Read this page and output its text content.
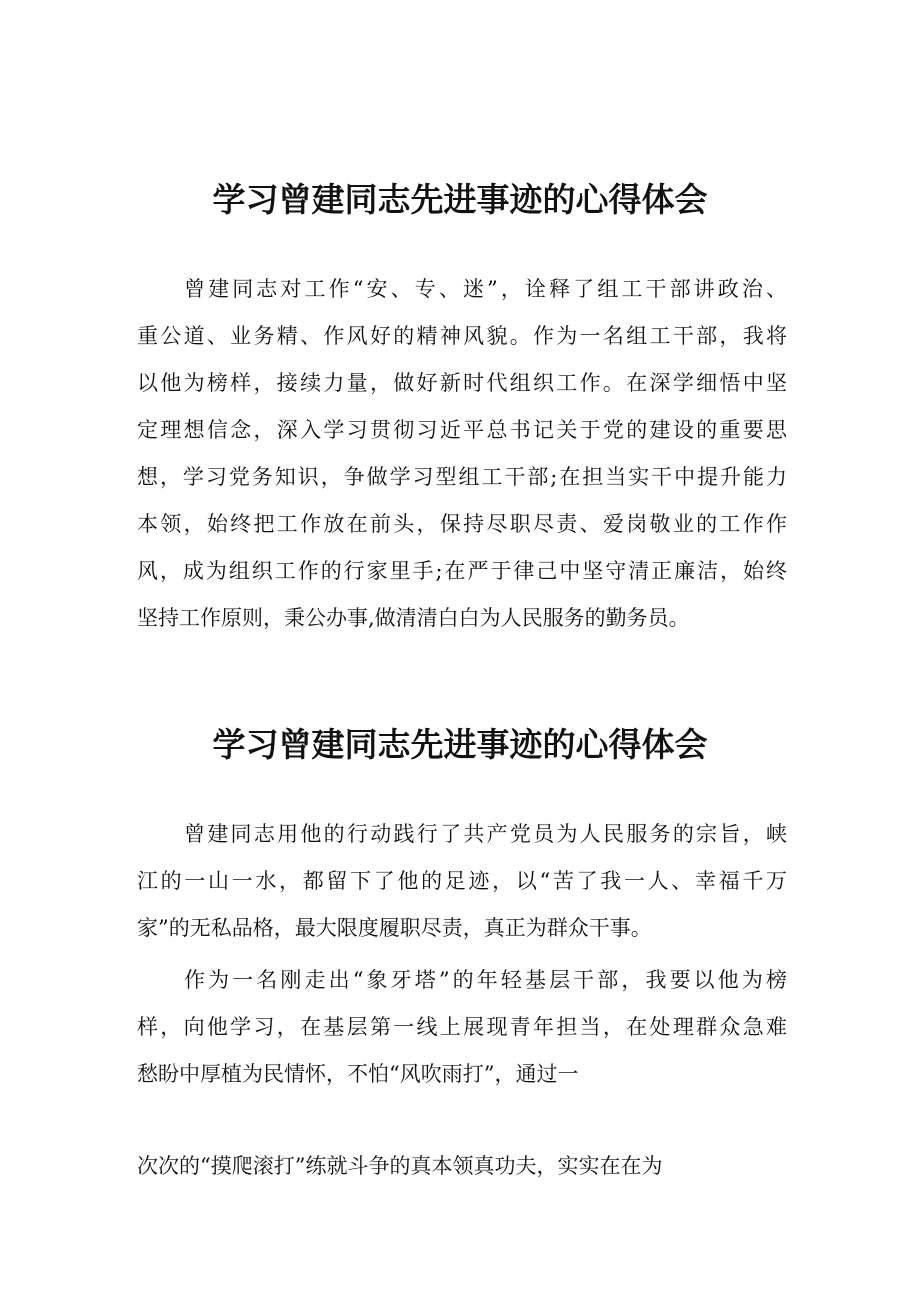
学习曾建同志先进事迹的心得体会
曾建同志对工作“安、专、迷”，诠释了组工干部讲政治、
重公道、业务精、作风好的精神风貌。作为一名组工干部，我将
以他为榜样，接续力量，做好新时代组织工作。在深学细悟中坚
定理想信念，深入学习贯彻习近平总书记关于党的建设的重要思
想，学习党务知识，争做学习型组工干部;在担当实干中提升能力
本领，始终把工作放在前头，保持尽职尽责、爱岗敬业的工作作
风，成为组织工作的行家里手;在严于律己中坚守清正廉洁，始终
坚持工作原则，秉公办事,做清清白白为人民服务的勤务员。
学习曾建同志先进事迹的心得体会
曾建同志用他的行动践行了共产党员为人民服务的宗旨，峡
江的一山一水，都留下了他的足迹，以“苦了我一人、幸福千万
家”的无私品格，最大限度履职尽责，真正为群众干事。
作为一名刚走出“象牙塔”的年轻基层干部，我要以他为榜
样，向他学习，在基层第一线上展现青年担当，在处理群众急难
愁盼中厚植为民情怀，不怕“风吹雨打”，通过一
次次的“摸爬滚打”练就斗争的真本领真功夫，实实在在为
